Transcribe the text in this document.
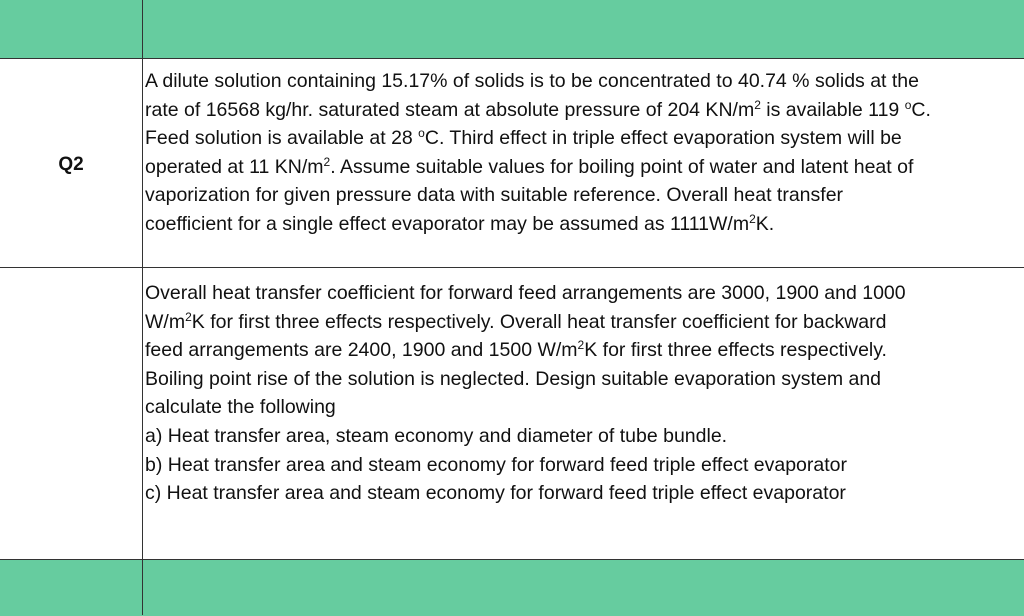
Q2

A dilute solution containing 15.17% of solids is to be concentrated to 40.74 % solids at the
rate of 16568 kg/hr. saturated steam at absolute pressure of 204 $KN/m^2$ is available 119 $^o$C.
Feed solution is available at 28 $^o$C. Third effect in triple effect evaporation system will be
operated at 11 $KN/m^2$. Assume suitable values for boiling point of water and latent heat of
vaporization for given pressure data with suitable reference. Overall heat transfer
coefficient for a single effect evaporator may be assumed as $1111W/m^2K$.

Overall heat transfer coefficient for forward feed arrangements are 3000, 1900 and 1000
$W/m^2K$ for first three effects respectively. Overall heat transfer coefficient for backward
feed arrangements are 2400, 1900 and 1500 $W/m^2K$ for first three effects respectively.
Boiling point rise of the solution is neglected. Design suitable evaporation system and
calculate the following
a) Heat transfer area, steam economy and diameter of tube bundle.
b) Heat transfer area and steam economy for forward feed triple effect evaporator
c) Heat transfer area and steam economy for forward feed triple effect evaporator
